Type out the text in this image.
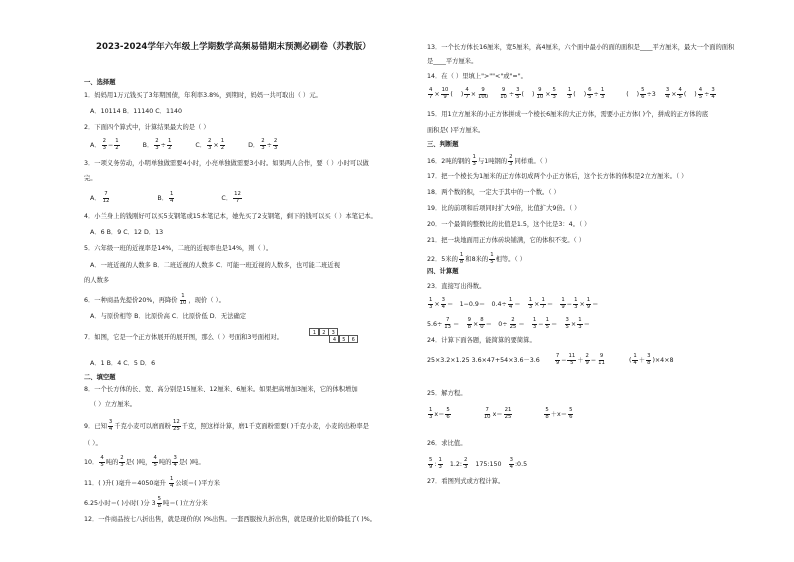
2023-2024学年六年级上学期数学高频易错期末预测必刷卷（苏教版）
一、选择题
1．妈妈用1万元钱买了3年期国债，年利率3.8%，到期时，妈妈一共可取出（ ）元。
A．10114 B．11140 C．1140
2．下面四个算式中，计算结果最大的是（ ）
A． $\frac{2}{3} - \frac{1}{2}$ B． $\frac{2}{3} \div \frac{1}{2}$ C． $\frac{2}{3} \times \frac{1}{2}$ D． $\frac{2}{3} \div \frac{2}{3}$
3．一项义务劳动，小明单独做需要4小时，小亮单独做需要3小时。如果两人合作，要（ ）小时可以做
完。
A． $\frac{7}{12}$ B． $\frac{1}{4}$ C． $\frac{12}{7}$
4．小兰身上的钱刚好可以买5支钢笔或15本笔记本，她先买了2支钢笔，剩下的钱可以买（ ）本笔记本。
A．6 B．9 C．12 D．13
5．六年级一班的近视率是14%，二班的近视率也是14%，则（ ）。
A．一班近视的人数多 B．二班近视的人数多 C．可能一班近视的人数多，也可能二班近视
的人数多
6．一种商品先提价20%，再降价 $\frac{1}{10}$ ，现价（ ）。
A．与原价相等 B．比原价高 C．比原价低 D．无法确定
7．如图，它是一个正方体展开的展开图，那么（ ）号面和3号面相对。
1	2	3
4	5	6
A．1 B．4 C．5 D．6
二、填空题
8．一个长方体的长、宽、高分别是15厘米、12厘米、6厘米。如果把高增加3厘米，它的体积增加
（ ）立方厘米。
9．已知 $\frac{3}{4}$ 千克小麦可以磨面粉 $\frac{12}{25}$ 千克，照这样计算，磨1千克面粉需要( )千克小麦，小麦的出粉率是
（ ）。
10． $\frac{4}{5}$ 吨的 $\frac{2}{3}$ 是( )吨， $\frac{4}{5}$ 吨的 $\frac{3}{4}$ 是( )吨。
11．( )升( )毫升＝4050毫升 $\frac{1}{4}$ 公顷＝( )平方米
6.25小时＝( )小时( )分 $3 \frac{5}{8}$ 吨＝( )立方分米
12．一件商品按七八折出售，就是现价的( )%出售。一套西服按九折出售，就是现价比原价降低了( )%。
13．一个长方体长16厘米，宽5厘米，高4厘米，六个面中最小的面的面积是____平方厘米，最大一个面的面积
是____平方厘米。
14．在（ ）里填上">""<"或"="。
$\frac{4}{7} \times \frac{10}{9}$ (    ) $\frac{4}{7} \times \frac{9}{100}$
$\frac{9}{10} \div \frac{3}{5}$ (    ) $\frac{9}{10} \times \frac{5}{3}$
$\frac{1}{3}$ (    ) $\frac{6}{5} \div \frac{1}{3}$ (    ) $\frac{5}{6} \div 3 \frac{3}{4} \times \frac{4}{5}$ (    ) $\frac{4}{5} \div \frac{3}{4}$
15．用1立方厘米的小正方体拼成一个棱长6厘米的大正方体，需要小正方体( )个，拼成的正方体的底
面积是( )平方厘米。
三、判断题
16．2吨的钢的 $\frac{1}{3}$ 与1吨钢的 $\frac{2}{3}$ 同样重。（ ）
17．把一个棱长为1厘米的正方体切成两个小正方体后，这个长方体的体积是2立方厘米。（ ）
18．两个数的积，一定大于其中的一个数。（ ）
19．比的前项和后项同时扩大9倍，比值扩大9倍。（ ）
20．一个最简的整数比的比值是1.5，这个比是3：4。（ ）
21．把一块地面用正方体砖块铺满，它的体积不变。（ ）
22．5米的 $\frac{1}{8}$ 和8米的 $\frac{1}{5}$ 相等。（ ）
四、计算题
23．直接写出得数。
$\frac{1}{3} \times \frac{3}{4}$ ＝　1−0.9＝　$0.4\div \frac{1}{4}$ ＝　 $\frac{1}{3} \times \frac{1}{7}$ ＝　 $\frac{1}{9} - \frac{1}{3} \times \frac{1}{9}$ ＝
$5.6\div \frac{7}{13}$ ＝　 $\frac{9}{8} \times \frac{8}{0}$ ＝　$0\div \frac{2}{25}$ ＝　 $\frac{1}{3} - \frac{1}{5}$ ＝　 $\frac{3}{5} \times \frac{1}{3}$ ＝
24．计算下面各题，能简算的要简算。
25×3.2×1.25 3.6×47+54×3.6－3.6	$\frac{7}{9} - \frac{11}{5} + \frac{2}{9} - \frac{9}{11}$ ( $\frac{1}{4} + \frac{3}{8} )\times 4\times 8$
25．解方程。
$\frac{1}{3} x= \frac{5}{6}$
	$\frac{7}{10} x= \frac{21}{25}$
	$\frac{5}{8} +x= \frac{5}{6}$
26．求比值。
$\frac{5}{9}$ : $\frac{1}{3} 1.2$: $\frac{2}{3}$ 175:150 $\frac{3}{4}$ :0.5
27．看图列式或方程计算。
